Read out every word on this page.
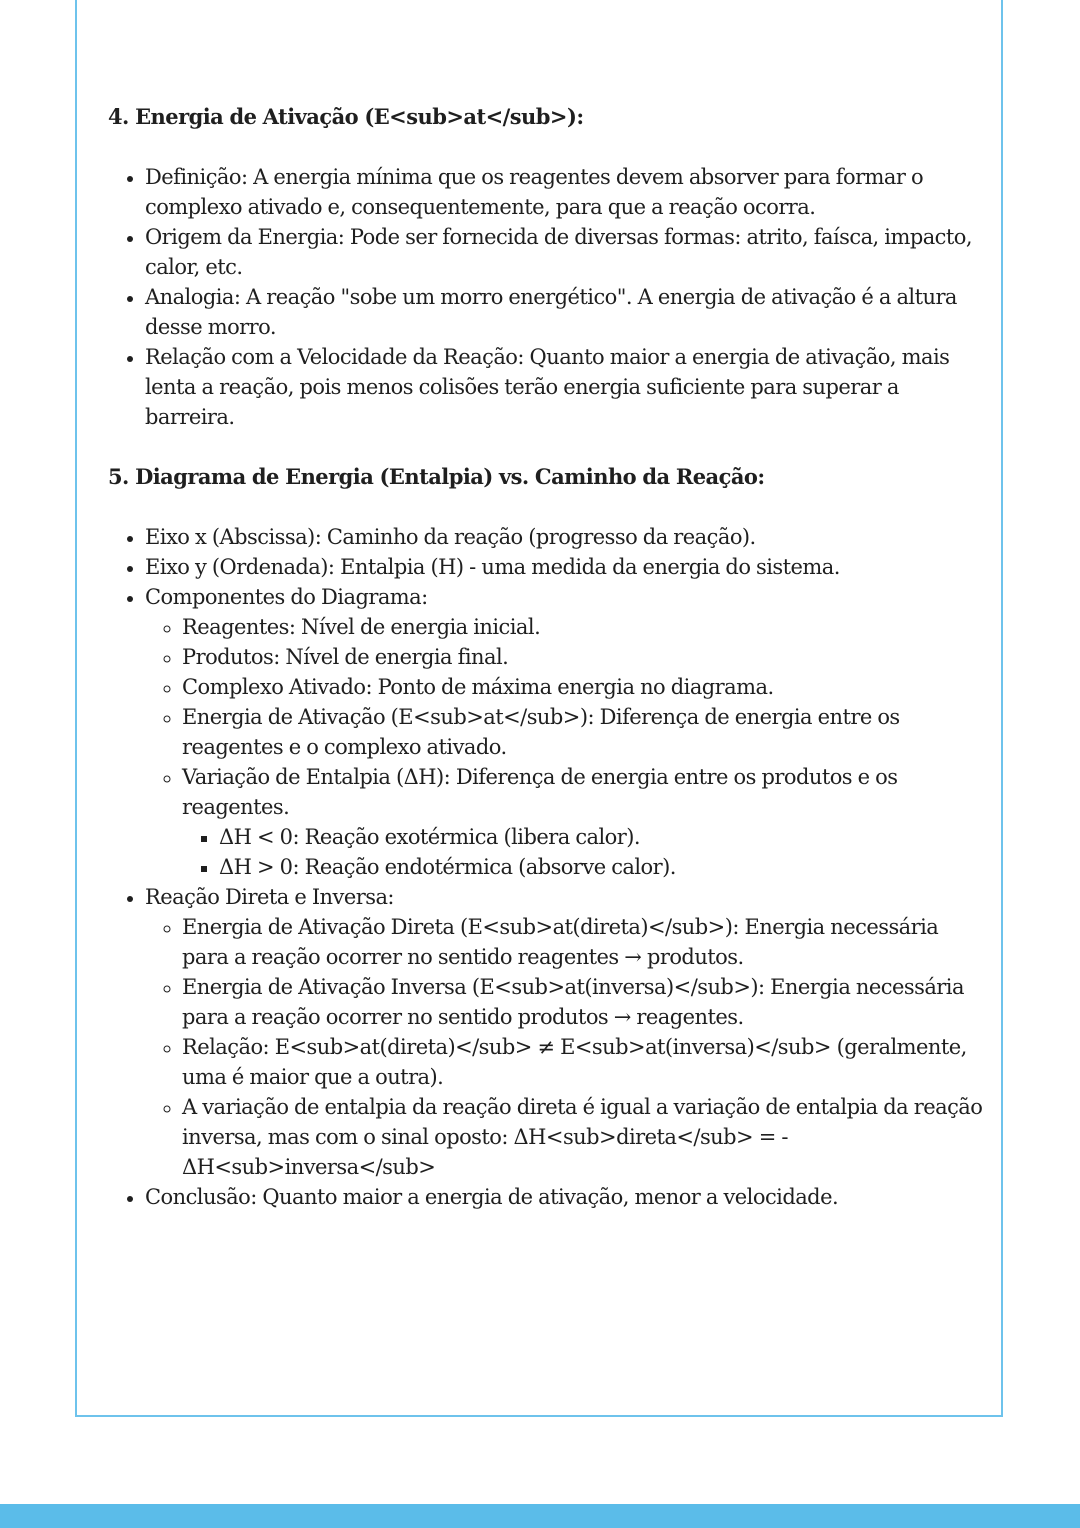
4. Energia de Ativação (E<sub>at</sub>):
• Definição: A energia mínima que os reagentes devem absorver para formar o complexo ativado e, consequentemente, para que a reação ocorra.
• Origem da Energia: Pode ser fornecida de diversas formas: atrito, faísca, impacto, calor, etc.
• Analogia: A reação "sobe um morro energético". A energia de ativação é a altura desse morro.
• Relação com a Velocidade da Reação: Quanto maior a energia de ativação, mais lenta a reação, pois menos colisões terão energia suficiente para superar a barreira.
5. Diagrama de Energia (Entalpia) vs. Caminho da Reação:
• Eixo x (Abscissa): Caminho da reação (progresso da reação).
• Eixo y (Ordenada): Entalpia (H) - uma medida da energia do sistema.
• Componentes do Diagrama:
◦ Reagentes: Nível de energia inicial.
◦ Produtos: Nível de energia final.
◦ Complexo Ativado: Ponto de máxima energia no diagrama.
◦ Energia de Ativação (E<sub>at</sub>): Diferença de energia entre os reagentes e o complexo ativado.
◦ Variação de Entalpia (ΔH): Diferença de energia entre os produtos e os reagentes.
▪ ΔH < 0: Reação exotérmica (libera calor).
▪ ΔH > 0: Reação endotérmica (absorve calor).
• Reação Direta e Inversa:
◦ Energia de Ativação Direta (E<sub>at(direta)</sub>): Energia necessária para a reação ocorrer no sentido reagentes → produtos.
◦ Energia de Ativação Inversa (E<sub>at(inversa)</sub>): Energia necessária para a reação ocorrer no sentido produtos → reagentes.
◦ Relação: E<sub>at(direta)</sub> ≠ E<sub>at(inversa)</sub> (geralmente, uma é maior que a outra).
◦ A variação de entalpia da reação direta é igual a variação de entalpia da reação inversa, mas com o sinal oposto: ΔH<sub>direta</sub> = - ΔH<sub>inversa</sub>
• Conclusão: Quanto maior a energia de ativação, menor a velocidade.
